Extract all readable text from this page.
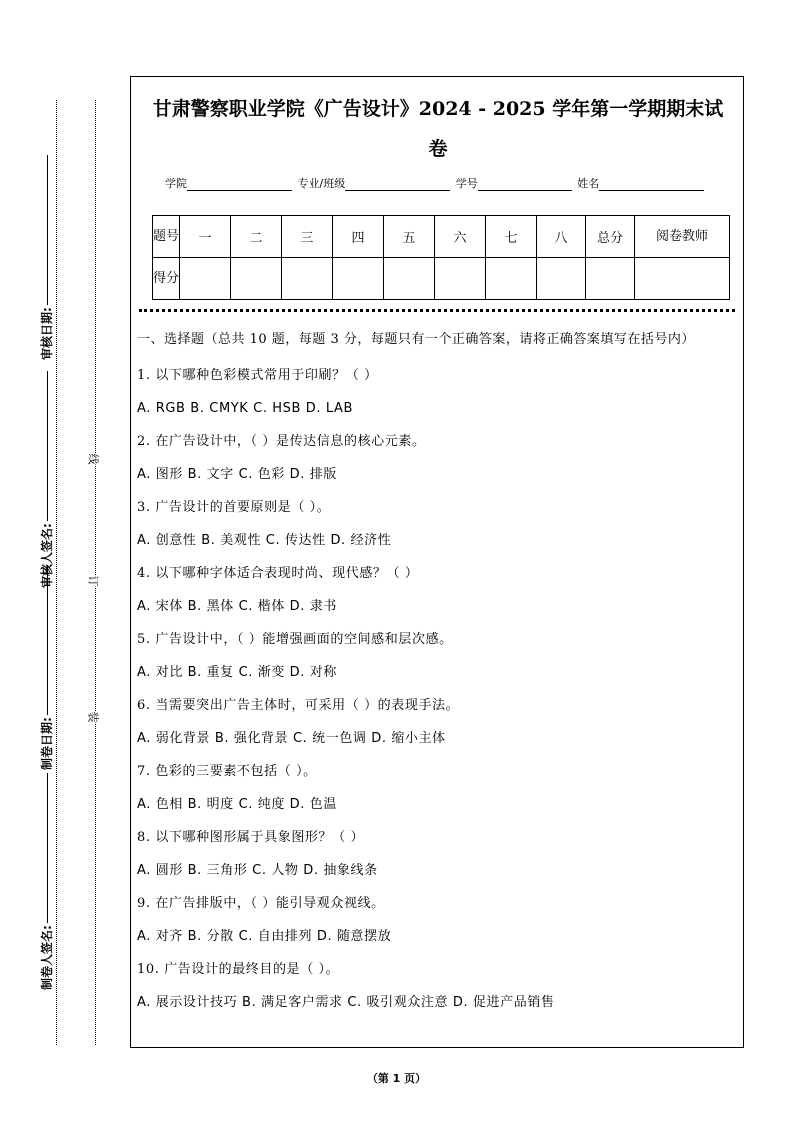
审核日期:
审核人签名:
制卷日期:
制卷人签名:
线
订
装
甘肃警察职业学院《广告设计》2024 - 2025 学年第一学期期末试
卷
学院	专业/班级	学号	姓名
题号	一	二	三	四	五	六	七	八	总分	阅卷教师
得分										

一、选择题（总共 10 题，每题 3 分，每题只有一个正确答案，请将正确答案填写在括号内）

1. 以下哪种色彩模式常用于印刷？（ ）

A. RGB B. CMYK C. HSB D. LAB

2. 在广告设计中，（ ）是传达信息的核心元素。

A. 图形 B. 文字 C. 色彩 D. 排版

3. 广告设计的首要原则是（ ）。

A. 创意性 B. 美观性 C. 传达性 D. 经济性

4. 以下哪种字体适合表现时尚、现代感？（ ）

A. 宋体 B. 黑体 C. 楷体 D. 隶书

5. 广告设计中，（ ）能增强画面的空间感和层次感。

A. 对比 B. 重复 C. 渐变 D. 对称

6. 当需要突出广告主体时，可采用（ ）的表现手法。

A. 弱化背景 B. 强化背景 C. 统一色调 D. 缩小主体

7. 色彩的三要素不包括（ ）。

A. 色相 B. 明度 C. 纯度 D. 色温

8. 以下哪种图形属于具象图形？（ ）

A. 圆形 B. 三角形 C. 人物 D. 抽象线条

9. 在广告排版中，（ ）能引导观众视线。

A. 对齐 B. 分散 C. 自由排列 D. 随意摆放

10. 广告设计的最终目的是（ ）。

A. 展示设计技巧 B. 满足客户需求 C. 吸引观众注意 D. 促进产品销售

（第 1 页）
